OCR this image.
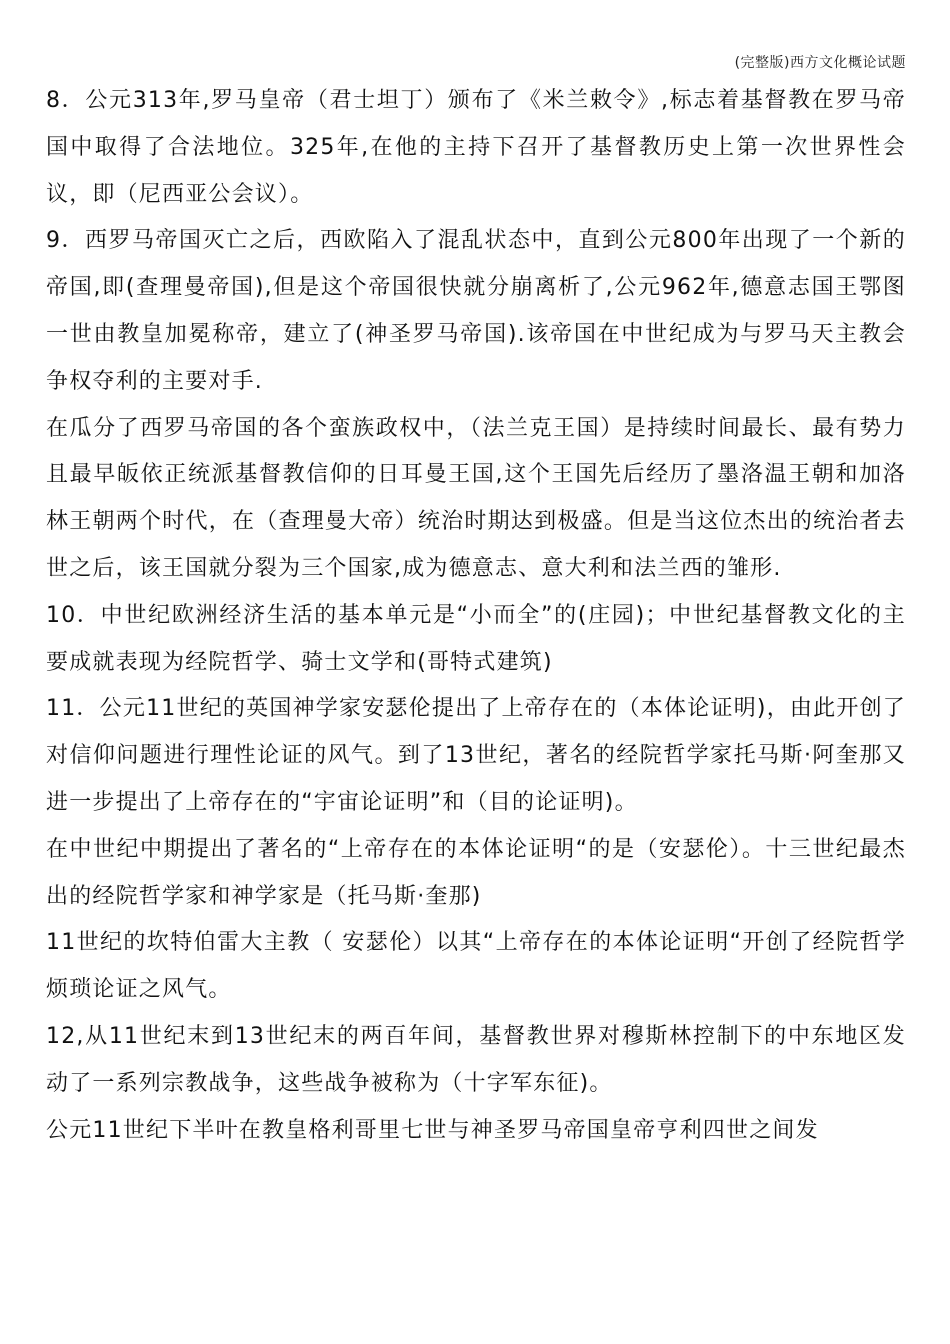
(完整版)西方文化概论试题

8．公元313年,罗马皇帝（君士坦丁）颁布了《米兰敕令》,标志着基督教在罗马帝国中取得了合法地位。325年,在他的主持下召开了基督教历史上第一次世界性会议，即（尼西亚公会议）。

9．西罗马帝国灭亡之后，西欧陷入了混乱状态中，直到公元800年出现了一个新的帝国,即(查理曼帝国),但是这个帝国很快就分崩离析了,公元962年,德意志国王鄂图一世由教皇加冕称帝，建立了(神圣罗马帝国).该帝国在中世纪成为与罗马天主教会争权夺利的主要对手.

在瓜分了西罗马帝国的各个蛮族政权中，（法兰克王国）是持续时间最长、最有势力且最早皈依正统派基督教信仰的日耳曼王国,这个王国先后经历了墨洛温王朝和加洛林王朝两个时代，在（查理曼大帝）统治时期达到极盛。但是当这位杰出的统治者去世之后，该王国就分裂为三个国家,成为德意志、意大利和法兰西的雏形.

10．中世纪欧洲经济生活的基本单元是“小而全”的(庄园)；中世纪基督教文化的主要成就表现为经院哲学、骑士文学和(哥特式建筑)

11．公元11世纪的英国神学家安瑟伦提出了上帝存在的（本体论证明)，由此开创了对信仰问题进行理性论证的风气。到了13世纪，著名的经院哲学家托马斯·阿奎那又进一步提出了上帝存在的“宇宙论证明”和（目的论证明)。

在中世纪中期提出了著名的“上帝存在的本体论证明“的是（安瑟伦）。十三世纪最杰出的经院哲学家和神学家是（托马斯·奎那)

11世纪的坎特伯雷大主教（ 安瑟伦）以其“上帝存在的本体论证明“开创了经院哲学烦琐论证之风气。

12,从11世纪末到13世纪末的两百年间，基督教世界对穆斯林控制下的中东地区发动了一系列宗教战争，这些战争被称为（十字军东征)。

公元11世纪下半叶在教皇格利哥里七世与神圣罗马帝国皇帝亨利四世之间发
